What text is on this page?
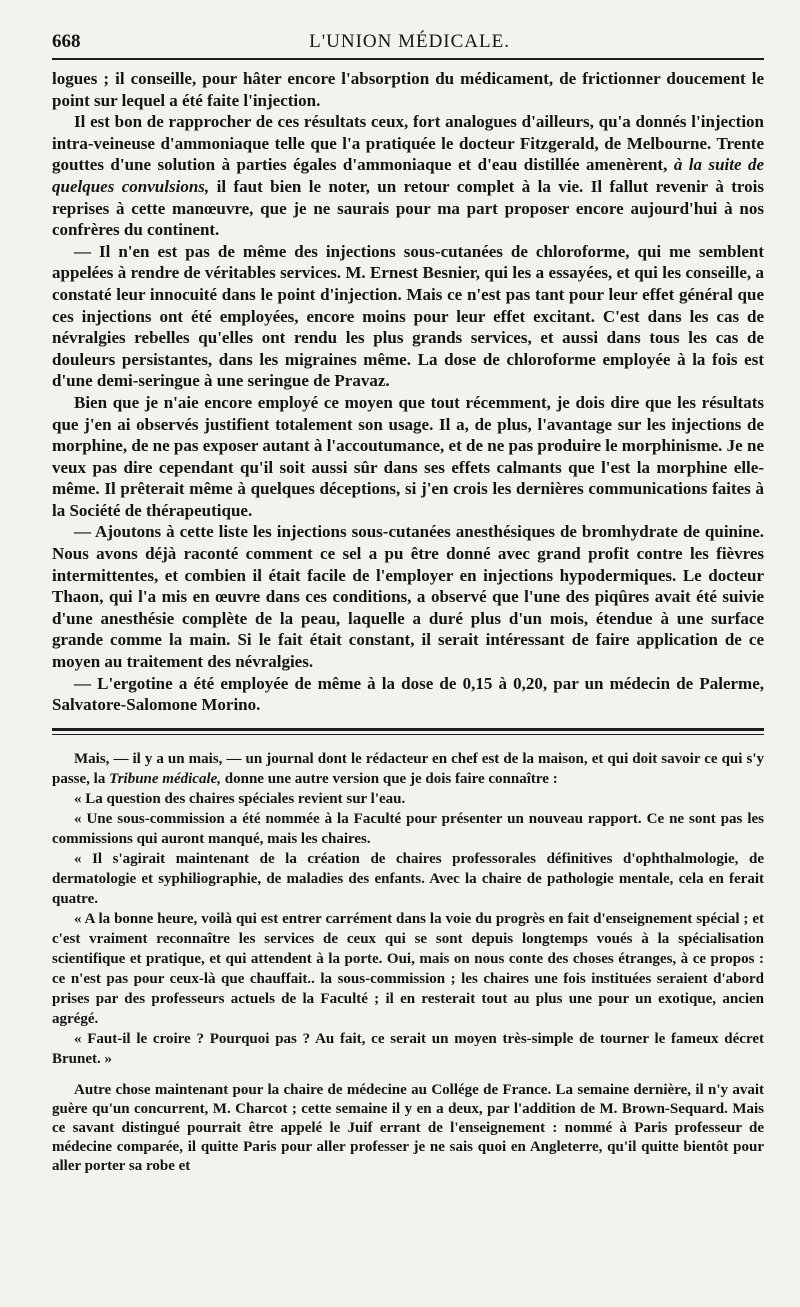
668	L'UNION MÉDICALE.

logues ; il conseille, pour hâter encore l'absorption du médicament, de frictionner doucement le point sur lequel a été faite l'injection.

Il est bon de rapprocher de ces résultats ceux, fort analogues d'ailleurs, qu'a donnés l'injection intra-veineuse d'ammoniaque telle que l'a pratiquée le docteur Fitzgerald, de Melbourne. Trente gouttes d'une solution à parties égales d'ammoniaque et d'eau distillée amenèrent, à la suite de quelques convulsions, il faut bien le noter, un retour complet à la vie. Il fallut revenir à trois reprises à cette manœuvre, que je ne saurais pour ma part proposer encore aujourd'hui à nos confrères du continent.

— Il n'en est pas de même des injections sous-cutanées de chloroforme, qui me semblent appelées à rendre de véritables services. M. Ernest Besnier, qui les a essayées, et qui les conseille, a constaté leur innocuité dans le point d'injection. Mais ce n'est pas tant pour leur effet général que ces injections ont été employées, encore moins pour leur effet excitant. C'est dans les cas de névralgies rebelles qu'elles ont rendu les plus grands services, et aussi dans tous les cas de douleurs persistantes, dans les migraines même. La dose de chloroforme employée à la fois est d'une demi-seringue à une seringue de Pravaz.

Bien que je n'aie encore employé ce moyen que tout récemment, je dois dire que les résultats que j'en ai observés justifient totalement son usage. Il a, de plus, l'avantage sur les injections de morphine, de ne pas exposer autant à l'accoutumance, et de ne pas produire le morphinisme. Je ne veux pas dire cependant qu'il soit aussi sûr dans ses effets calmants que l'est la morphine elle-même. Il prêterait même à quelques déceptions, si j'en crois les dernières communications faites à la Société de thérapeutique.

— Ajoutons à cette liste les injections sous-cutanées anesthésiques de bromhydrate de quinine. Nous avons déjà raconté comment ce sel a pu être donné avec grand profit contre les fièvres intermittentes, et combien il était facile de l'employer en injections hypodermiques. Le docteur Thaon, qui l'a mis en œuvre dans ces conditions, a observé que l'une des piqûres avait été suivie d'une anesthésie complète de la peau, laquelle a duré plus d'un mois, étendue à une surface grande comme la main. Si le fait était constant, il serait intéressant de faire application de ce moyen au traitement des névralgies.

— L'ergotine a été employée de même à la dose de 0,15 à 0,20, par un médecin de Palerme, Salvatore-Salomone Morino.

Mais, — il y a un mais, — un journal dont le rédacteur en chef est de la maison, et qui doit savoir ce qui s'y passe, la Tribune médicale, donne une autre version que je dois faire connaître :

« La question des chaires spéciales revient sur l'eau.

« Une sous-commission a été nommée à la Faculté pour présenter un nouveau rapport. Ce ne sont pas les commissions qui auront manqué, mais les chaires.

« Il s'agirait maintenant de la création de chaires professorales définitives d'ophthalmologie, de dermatologie et syphiliographie, de maladies des enfants. Avec la chaire de pathologie mentale, cela en ferait quatre.

« A la bonne heure, voilà qui est entrer carrément dans la voie du progrès en fait d'enseignement spécial ; et c'est vraiment reconnaître les services de ceux qui se sont depuis longtemps voués à la spécialisation scientifique et pratique, et qui attendent à la porte. Oui, mais on nous conte des choses étranges, à ce propos : ce n'est pas pour ceux-là que chauffait.. la sous-commission ; les chaires une fois instituées seraient d'abord prises par des professeurs actuels de la Faculté ; il en resterait tout au plus une pour un exotique, ancien agrégé.

« Faut-il le croire ? Pourquoi pas ? Au fait, ce serait un moyen très-simple de tourner le fameux décret Brunet. »

Autre chose maintenant pour la chaire de médecine au Collége de France. La semaine dernière, il n'y avait guère qu'un concurrent, M. Charcot ; cette semaine il y en a deux, par l'addition de M. Brown-Sequard. Mais ce savant distingué pourrait être appelé le Juif errant de l'enseignement : nommé à Paris professeur de médecine comparée, il quitte Paris pour aller professer je ne sais quoi en Angleterre, qu'il quitte bientôt pour aller porter sa robe et
